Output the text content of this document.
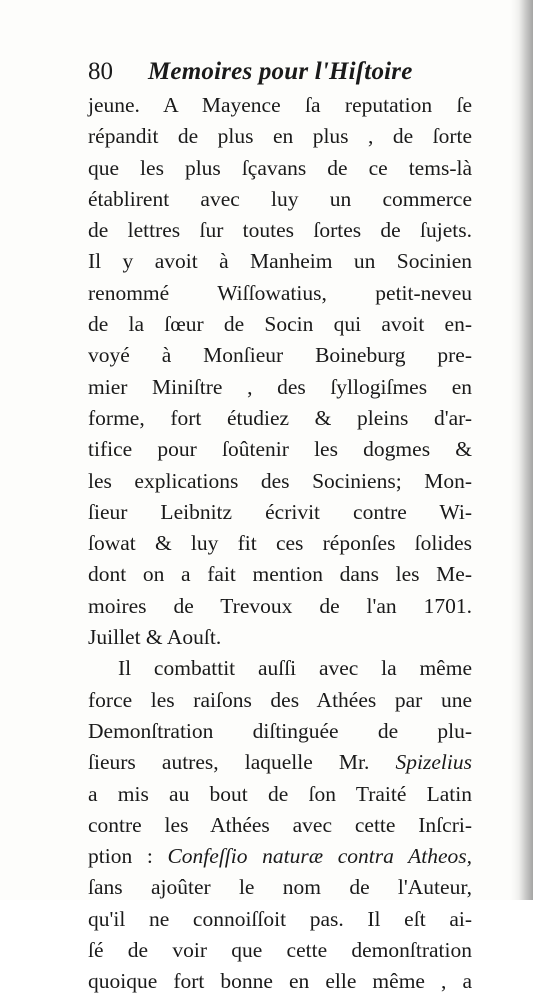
80	Memoires pour l'Hiſtoire
jeune. A Mayence ſa reputation ſe
répandit de plus en plus , de ſorte
que les plus ſçavans de ce tems-là
établirent avec luy un commerce
de lettres ſur toutes ſortes de ſujets.
Il y avoit à Manheim un Socinien
renommé Wiſſowatius, petit-neveu
de la ſœur de Socin qui avoit en-
voyé à Monſieur Boineburg pre-
mier Miniſtre , des ſyllogiſmes en
forme, fort étudiez & pleins d'ar-
tifice pour ſoûtenir les dogmes &
les explications des Sociniens; Mon-
ſieur Leibnitz écrivit contre Wi-
ſowat & luy fit ces réponſes ſolides
dont on a fait mention dans les Me-
moires de Trevoux de l'an 1701.
Juillet & Aouſt.
Il combattit auſſi avec la même
force les raiſons des Athées par une
Demonſtration diſtinguée de plu-
ſieurs autres, laquelle Mr. Spizelius
a mis au bout de ſon Traité Latin
contre les Athées avec cette Inſcri-
ption : Confeſſio naturæ contra Atheos,
ſans ajoûter le nom de l'Auteur,
qu'il ne connoiſſoit pas. Il eſt ai-
ſé de voir que cette demonſtration
quoique fort bonne en elle même , a
